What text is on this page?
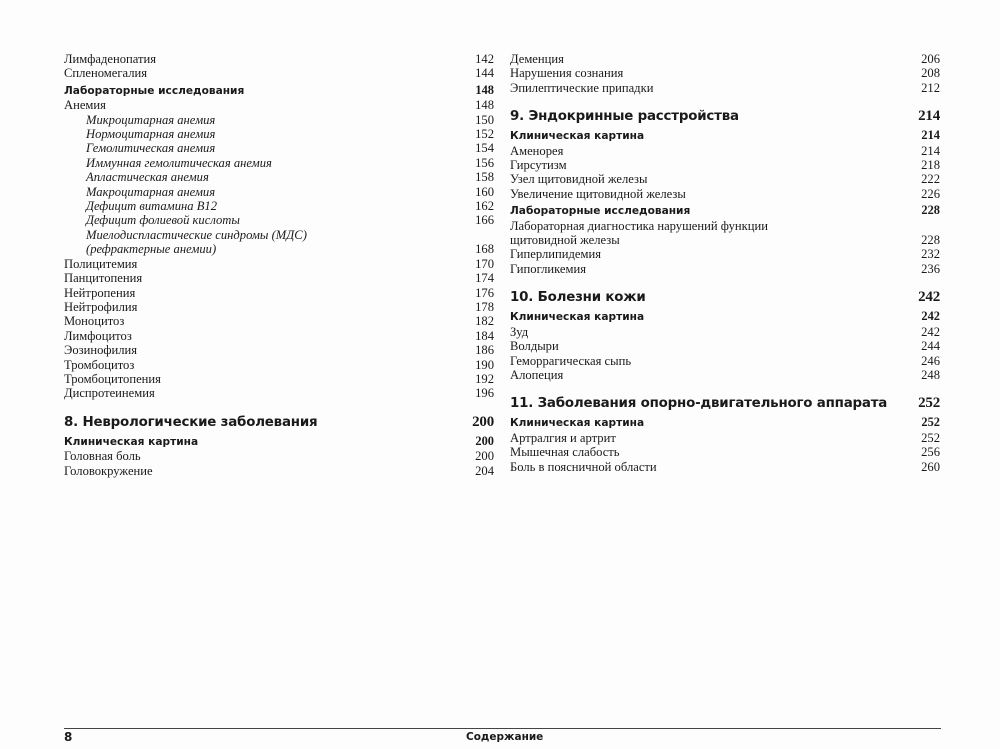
Лимфаденопатия	142
Спленомегалия	144
Лабораторные исследования	148
Анемия	148
Микроцитарная анемия	150
Нормоцитарная анемия	152
Гемолитическая анемия	154
Иммунная гемолитическая анемия	156
Апластическая анемия	158
Макроцитарная анемия	160
Дефицит витамина B12	162
Дефицит фолиевой кислоты	166
Миелодиспластические синдромы (МДС)
(рефрактерные анемии)	168
Полицитемия	170
Панцитопения	174
Нейтропения	176
Нейтрофилия	178
Моноцитоз	182
Лимфоцитоз	184
Эозинофилия	186
Тромбоцитоз	190
Тромбоцитопения	192
Диспротеинемия	196
8. Неврологические заболевания	200
Клиническая картина	200
Головная боль	200
Головокружение	204
Деменция	206
Нарушения сознания	208
Эпилептические припадки	212
9. Эндокринные расстройства	214
Клиническая картина	214
Аменорея	214
Гирсутизм	218
Узел щитовидной железы	222
Увеличение щитовидной железы	226
Лабораторные исследования	228
Лабораторная диагностика нарушений функции
щитовидной железы	228
Гиперлипидемия	232
Гипогликемия	236
10. Болезни кожи	242
Клиническая картина	242
Зуд	242
Волдыри	244
Геморрагическая сыпь	246
Алопеция	248
11. Заболевания опорно-двигательного аппарата	252
Клиническая картина	252
Артралгия и артрит	252
Мышечная слабость	256
Боль в поясничной области	260
8	Содержание
